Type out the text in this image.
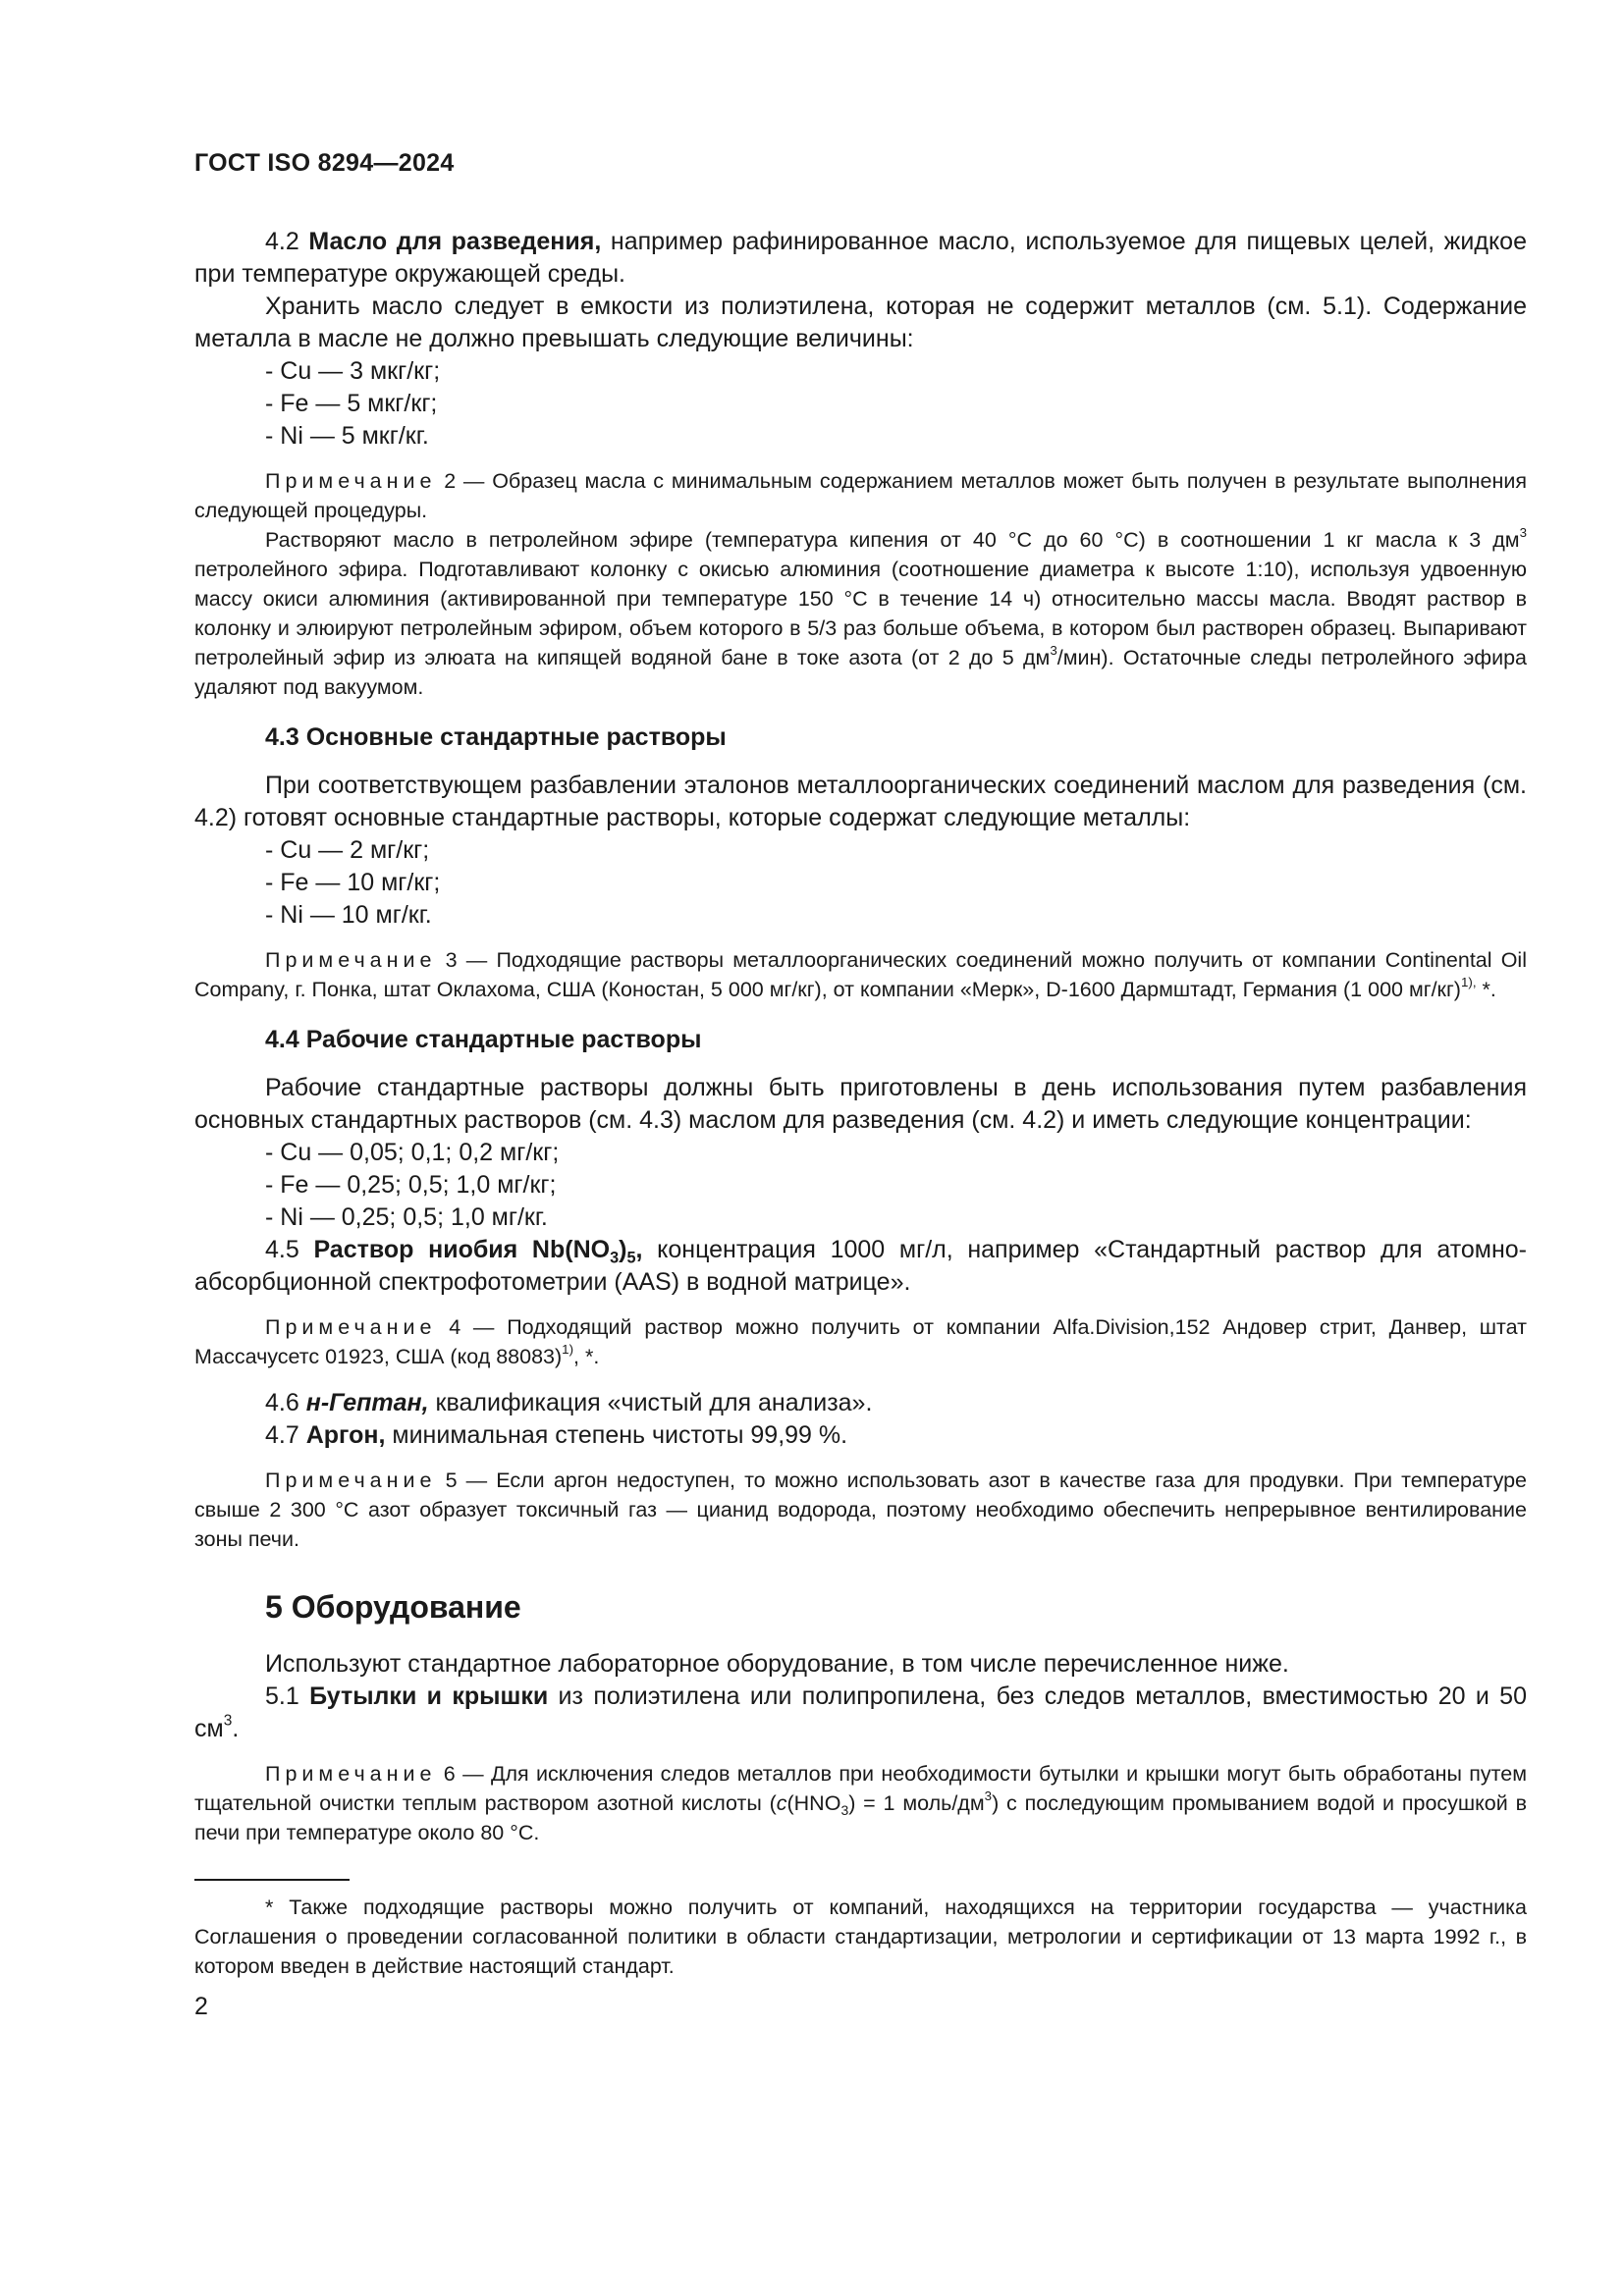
ГОСТ ISO 8294—2024

4.2 Масло для разведения, например рафинированное масло, используемое для пищевых целей, жидкое при температуре окружающей среды.

Хранить масло следует в емкости из полиэтилена, которая не содержит металлов (см. 5.1). Содержание металла в масле не должно превышать следующие величины:

- Cu — 3 мкг/кг;

- Fe — 5 мкг/кг;

- Ni — 5 мкг/кг.

Примечание 2 — Образец масла с минимальным содержанием металлов может быть получен в результате выполнения следующей процедуры.

Растворяют масло в петролейном эфире (температура кипения от 40 °С до 60 °С) в соотношении 1 кг масла к 3 $дм^3$ петролейного эфира. Подготавливают колонку с окисью алюминия (соотношение диаметра к высоте 1:10), используя удвоенную массу окиси алюминия (активированной при температуре 150 °С в течение 14 ч) относительно массы масла. Вводят раствор в колонку и элюируют петролейным эфиром, объем которого в 5/3 раз больше объема, в котором был растворен образец. Выпаривают петролейный эфир из элюата на кипящей водяной бане в токе азота (от 2 до 5 $дм^3/мин$). Остаточные следы петролейного эфира удаляют под вакуумом.

4.3 Основные стандартные растворы

При соответствующем разбавлении эталонов металлоорганических соединений маслом для разведения (см. 4.2) готовят основные стандартные растворы, которые содержат следующие металлы:

- Cu — 2 мг/кг;

- Fe — 10 мг/кг;

- Ni — 10 мг/кг.

Примечание 3 — Подходящие растворы металлоорганических соединений можно получить от компании Continental Oil Company, г. Понка, штат Оклахома, США (Коностан, 5 000 мг/кг), от компании «Мерк», D-1600 Дармштадт, Германия (1 000 мг/кг)$^{1),}$ *.

4.4 Рабочие стандартные растворы

Рабочие стандартные растворы должны быть приготовлены в день использования путем разбавления основных стандартных растворов (см. 4.3) маслом для разведения (см. 4.2) и иметь следующие концентрации:

- Cu — 0,05; 0,1; 0,2 мг/кг;

- Fe — 0,25; 0,5; 1,0 мг/кг;

- Ni — 0,25; 0,5; 1,0 мг/кг.

4.5 Раствор ниобия $Nb(NO_3)_5$, концентрация 1000 мг/л, например «Стандартный раствор для атомно-абсорбционной спектрофотометрии (AAS) в водной матрице».

Примечание 4 — Подходящий раствор можно получить от компании Alfa.Division,152 Андовер стрит, Данвер, штат Массачусетс 01923, США (код 88083)$^{1)}$, *.

4.6 н-Гептан, квалификация «чистый для анализа».

4.7 Аргон, минимальная степень чистоты 99,99 %.

Примечание 5 — Если аргон недоступен, то можно использовать азот в качестве газа для продувки. При температуре свыше 2 300 °С азот образует токсичный газ — цианид водорода, поэтому необходимо обеспечить непрерывное вентилирование зоны печи.

5 Оборудование

Используют стандартное лабораторное оборудование, в том числе перечисленное ниже.

5.1 Бутылки и крышки из полиэтилена или полипропилена, без следов металлов, вместимостью 20 и 50 $см^3$.

Примечание 6 — Для исключения следов металлов при необходимости бутылки и крышки могут быть обработаны путем тщательной очистки теплым раствором азотной кислоты ($c(HNO_3) = 1$ моль/$дм^3$) с последующим промыванием водой и просушкой в печи при температуре около 80 °С.

* Также подходящие растворы можно получить от компаний, находящихся на территории государства — участника Соглашения о проведении согласованной политики в области стандартизации, метрологии и сертификации от 13 марта 1992 г., в котором введен в действие настоящий стандарт.

2
